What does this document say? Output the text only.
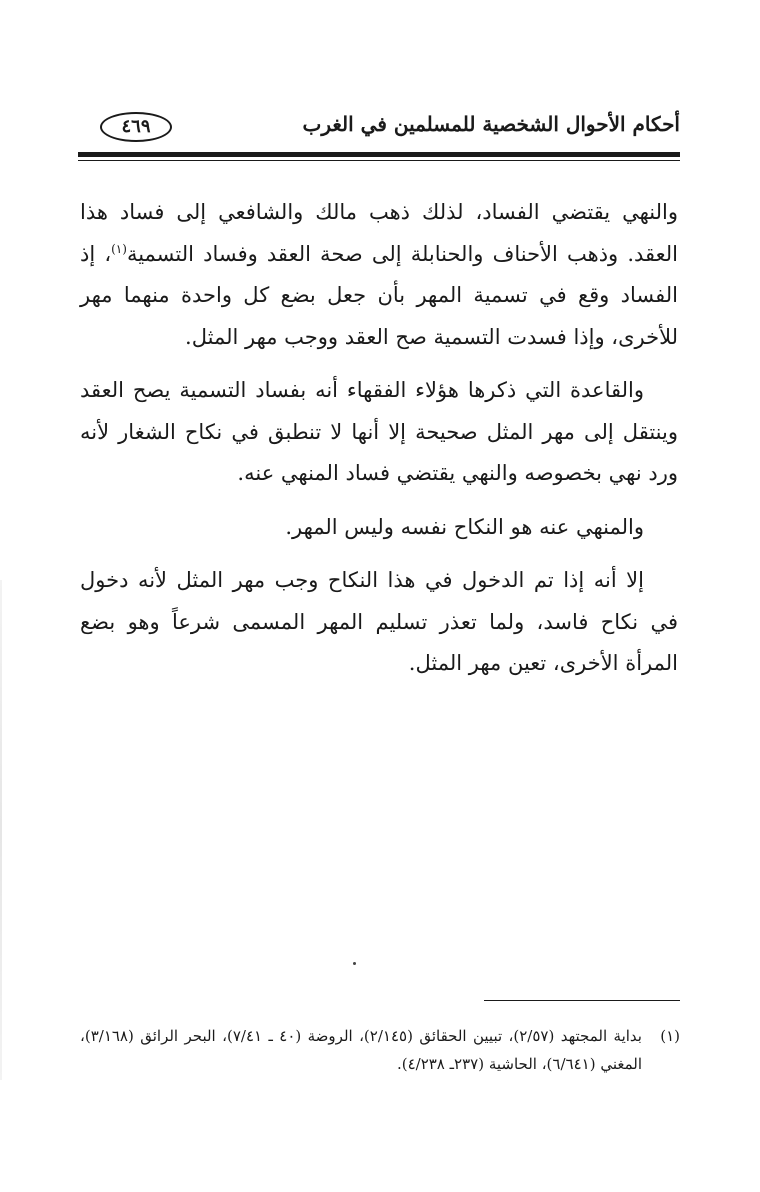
أحكام الأحوال الشخصية للمسلمين في الغرب
٤٦٩

والنهي يقتضي الفساد، لذلك ذهب مالك والشافعي إلى فساد هذا العقد. وذهب الأحناف والحنابلة إلى صحة العقد وفساد التسمية$^{(١)}$، إذ الفساد وقع في تسمية المهر بأن جعل بضع كل واحدة منهما مهر للأخرى، وإذا فسدت التسمية صح العقد ووجب مهر المثل.

والقاعدة التي ذكرها هؤلاء الفقهاء أنه بفساد التسمية يصح العقد وينتقل إلى مهر المثل صحيحة إلا أنها لا تنطبق في نكاح الشغار لأنه ورد نهي بخصوصه والنهي يقتضي فساد المنهي عنه.

والمنهي عنه هو النكاح نفسه وليس المهر.

إلا أنه إذا تم الدخول في هذا النكاح وجب مهر المثل لأنه دخول في نكاح فاسد، ولما تعذر تسليم المهر المسمى شرعاً وهو بضع المرأة الأخرى، تعين مهر المثل.

(١)
بداية المجتهد (٢/٥٧)، تبيين الحقائق (٢/١٤٥)، الروضة (٤٠ ـ ٧/٤١)، البحر الرائق (٣/١٦٨)، المغني (٦/٦٤١)، الحاشية (٢٣٧ـ ٤/٢٣٨).
